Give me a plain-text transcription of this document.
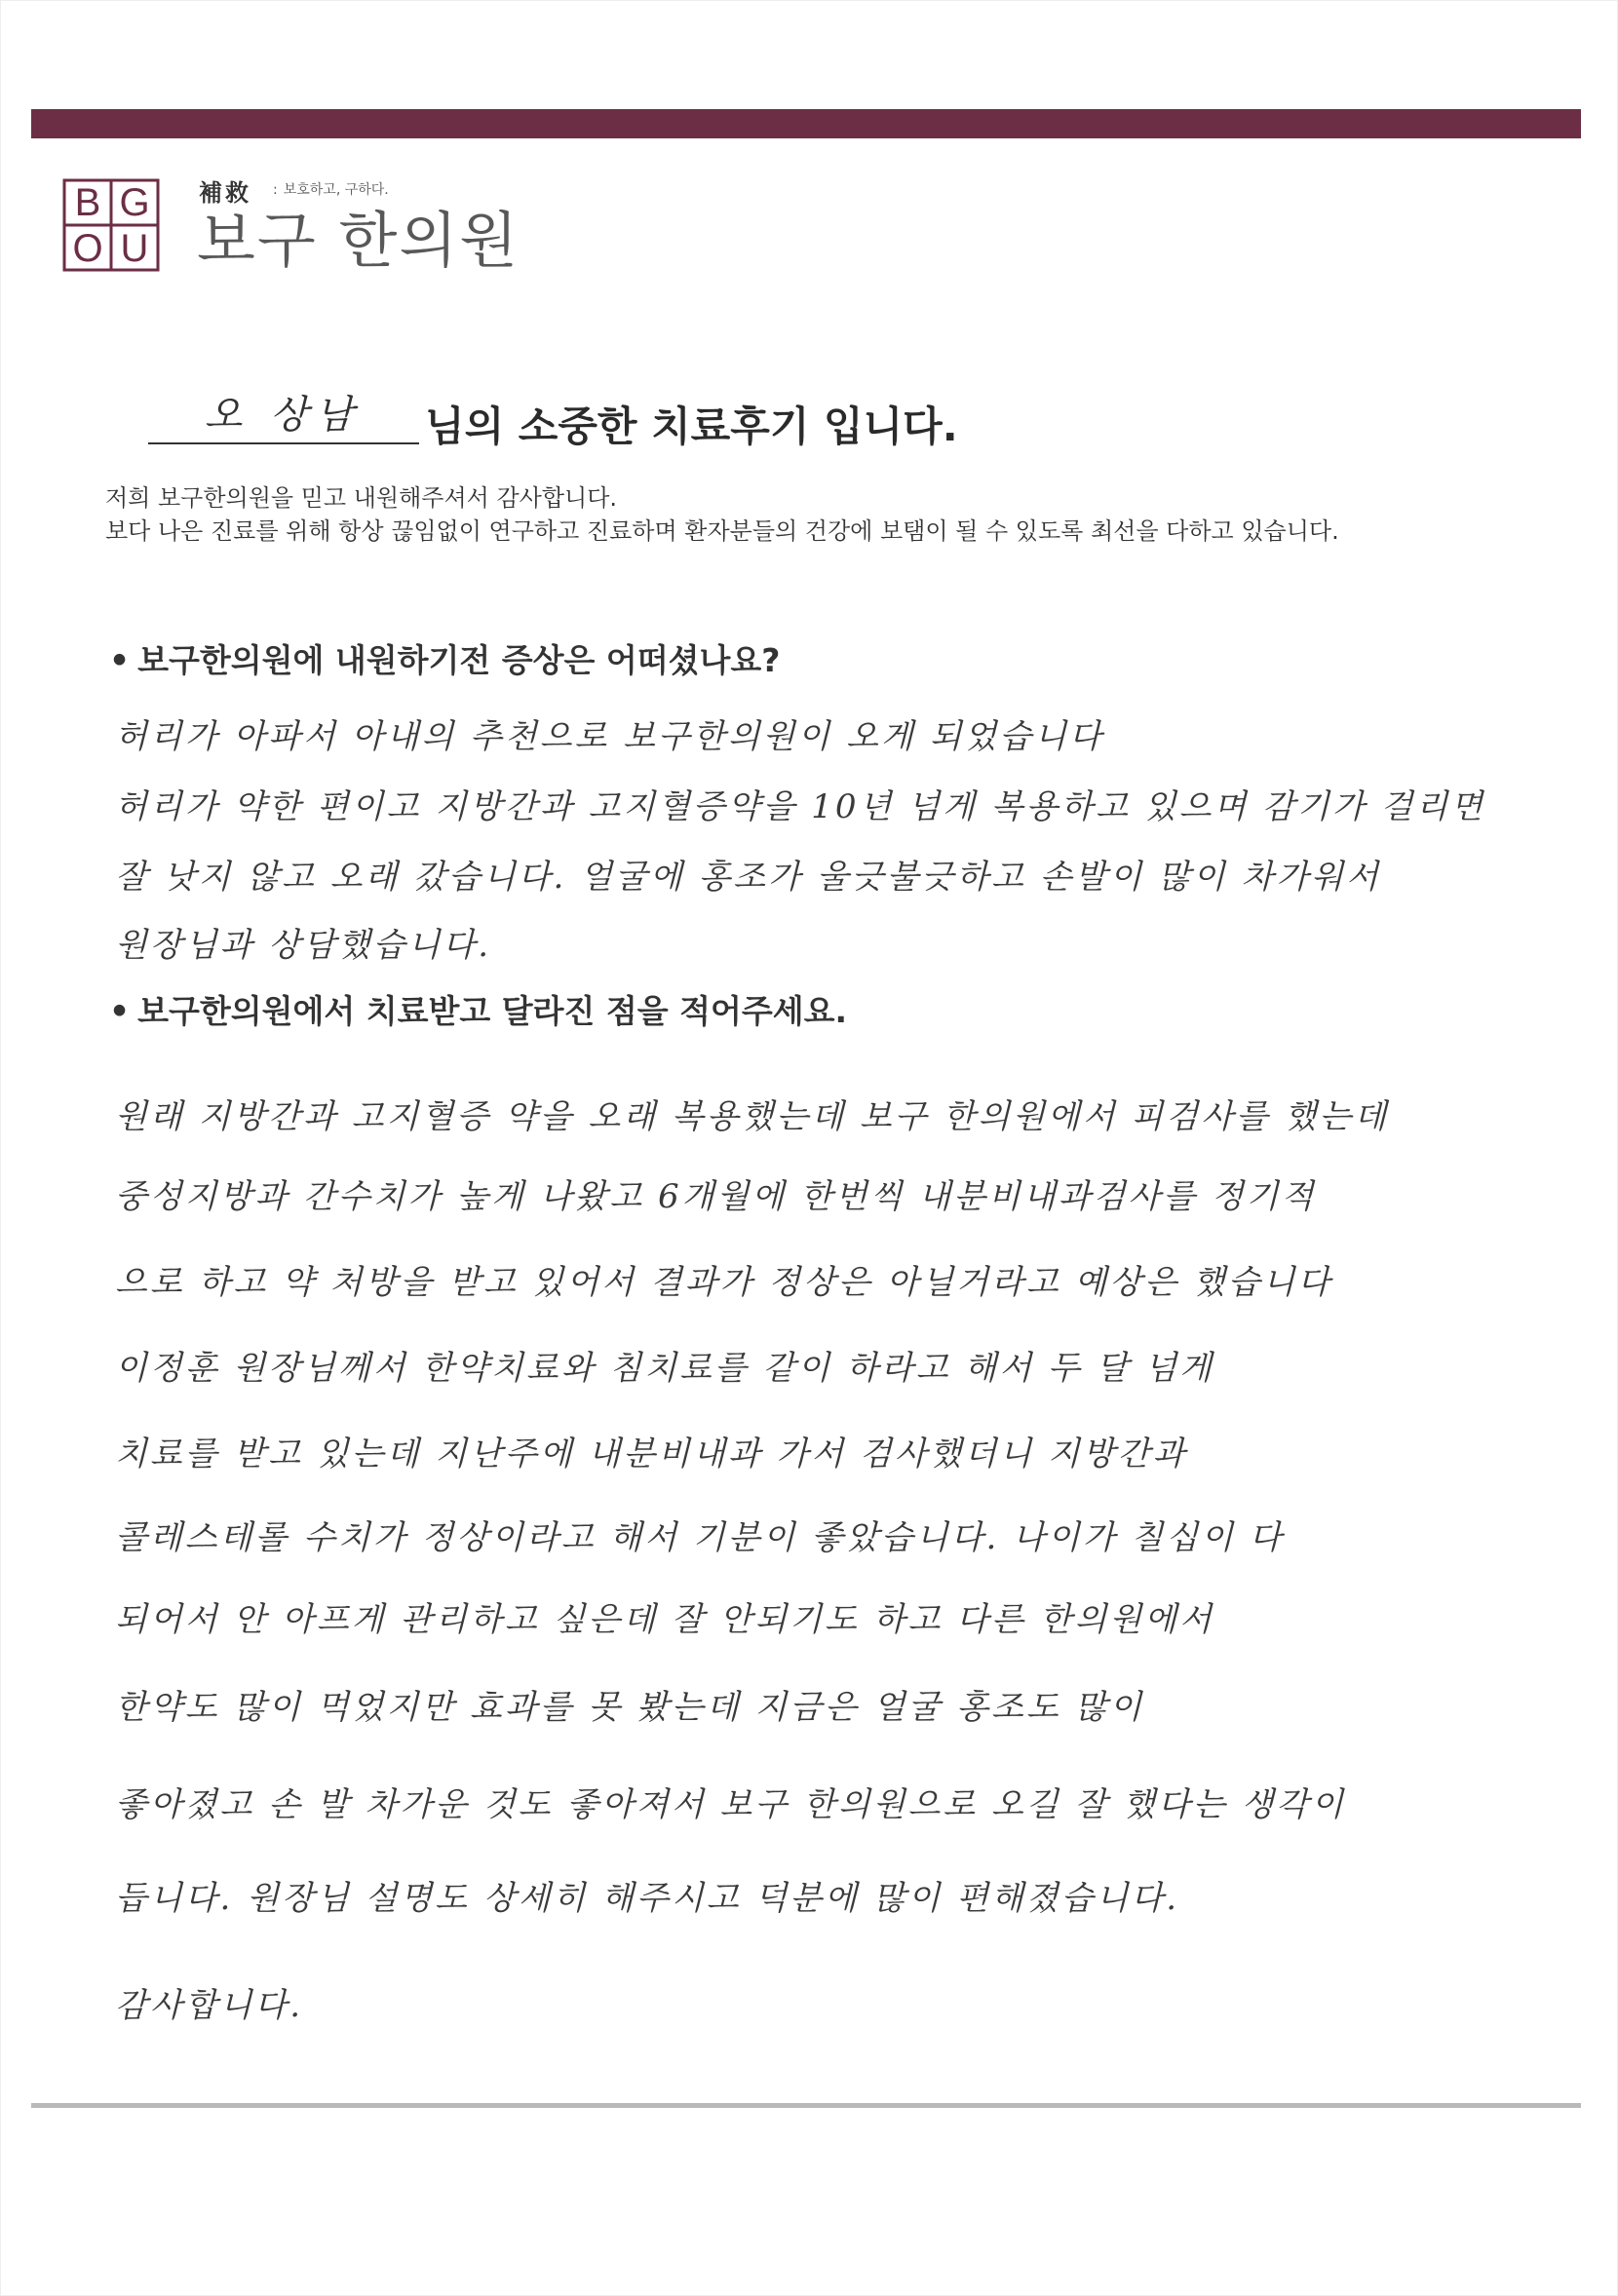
B G
O U
補救 : 보호하고, 구하다.
보구 한의원
오 상남	님의 소중한 치료후기 입니다.
저희 보구한의원을 믿고 내원해주셔서 감사합니다.
보다 나은 진료를 위해 항상 끊임없이 연구하고 진료하며 환자분들의 건강에 보탬이 될 수 있도록 최선을 다하고 있습니다.
• 보구한의원에 내원하기전 증상은 어떠셨나요?
허리가 아파서 아내의 추천으로 보구한의원이 오게 되었습니다
허리가 약한 편이고 지방간과 고지혈증약을 10년 넘게 복용하고 있으며 감기가 걸리면
잘 낫지 않고 오래 갔습니다. 얼굴에 홍조가 울긋불긋하고 손발이 많이 차가워서
원장님과 상담했습니다.
• 보구한의원에서 치료받고 달라진 점을 적어주세요.
원래 지방간과 고지혈증 약을 오래 복용했는데 보구 한의원에서 피검사를 했는데
중성지방과 간수치가 높게 나왔고 6개월에 한번씩 내분비내과검사를 정기적
으로 하고 약 처방을 받고 있어서 결과가 정상은 아닐거라고 예상은 했습니다
이정훈 원장님께서 한약치료와 침치료를 같이 하라고 해서 두 달 넘게
치료를 받고 있는데 지난주에 내분비내과 가서 검사했더니 지방간과
콜레스테롤 수치가 정상이라고 해서 기분이 좋았습니다. 나이가 칠십이 다
되어서 안 아프게 관리하고 싶은데 잘 안되기도 하고 다른 한의원에서
한약도 많이 먹었지만 효과를 못 봤는데 지금은 얼굴 홍조도 많이
좋아졌고 손 발 차가운 것도 좋아져서 보구 한의원으로 오길 잘 했다는 생각이
듭니다. 원장님 설명도 상세히 해주시고 덕분에 많이 편해졌습니다.
감사합니다.
